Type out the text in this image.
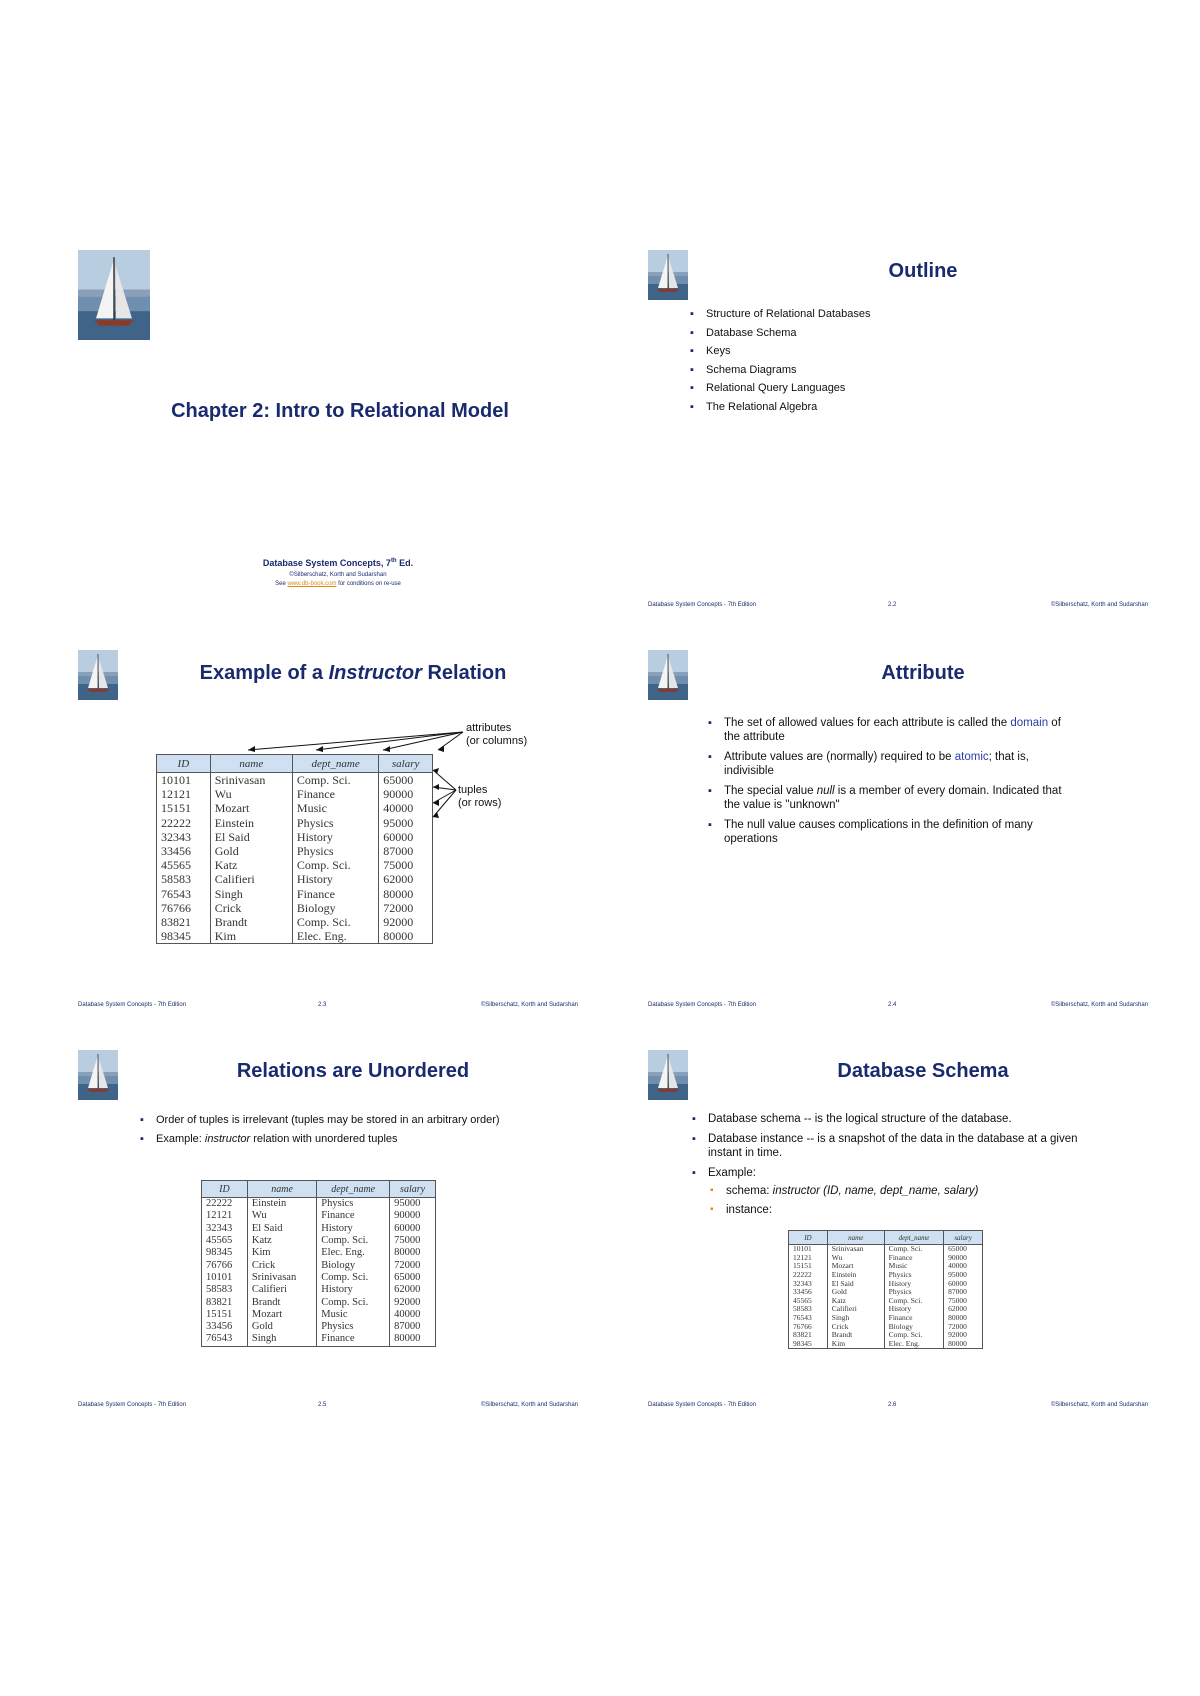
Chapter 2: Intro to Relational Model
Database System Concepts, 7th Ed.
©Silberschatz, Korth and Sudarshan
See www.db-book.com for conditions on re-use
Outline
▪ Structure of Relational Databases
▪ Database Schema
▪ Keys
▪ Schema Diagrams
▪ Relational Query Languages
▪ The Relational Algebra
Database System Concepts - 7th Edition	2.2	©Silberschatz, Korth and Sudarshan
Example of a Instructor Relation
ID	name	dept_name	salary
10101	Srinivasan	Comp. Sci.	65000
12121	Wu	Finance	90000
15151	Mozart	Music	40000
22222	Einstein	Physics	95000
32343	El Said	History	60000
33456	Gold	Physics	87000
45565	Katz	Comp. Sci.	75000
58583	Califieri	History	62000
76543	Singh	Finance	80000
76766	Crick	Biology	72000
83821	Brandt	Comp. Sci.	92000
98345	Kim	Elec. Eng.	80000
attributes
(or columns)
tuples
(or rows)
Database System Concepts - 7th Edition	2.3	©Silberschatz, Korth and Sudarshan
Attribute
▪ The set of allowed values for each attribute is called the domain of the attribute
▪ Attribute values are (normally) required to be atomic; that is, indivisible
▪ The special value null is a member of every domain. Indicated that the value is "unknown"
▪ The null value causes complications in the definition of many operations
Database System Concepts - 7th Edition	2.4	©Silberschatz, Korth and Sudarshan
Relations are Unordered
▪ Order of tuples is irrelevant (tuples may be stored in an arbitrary order)
▪ Example: instructor relation with unordered tuples
ID	name	dept_name	salary
22222	Einstein	Physics	95000
12121	Wu	Finance	90000
32343	El Said	History	60000
45565	Katz	Comp. Sci.	75000
98345	Kim	Elec. Eng.	80000
76766	Crick	Biology	72000
10101	Srinivasan	Comp. Sci.	65000
58583	Califieri	History	62000
83821	Brandt	Comp. Sci.	92000
15151	Mozart	Music	40000
33456	Gold	Physics	87000
76543	Singh	Finance	80000
Database System Concepts - 7th Edition	2.5	©Silberschatz, Korth and Sudarshan
Database Schema
▪ Database schema -- is the logical structure of the database.
▪ Database instance -- is a snapshot of the data in the database at a given instant in time.
▪ Example:
▪ schema: instructor (ID, name, dept_name, salary)
▪ instance:
ID	name	dept_name	salary
10101	Srinivasan	Comp. Sci.	65000
12121	Wu	Finance	90000
15151	Mozart	Music	40000
22222	Einstein	Physics	95000
32343	El Said	History	60000
33456	Gold	Physics	87000
45565	Katz	Comp. Sci.	75000
58583	Califieri	History	62000
76543	Singh	Finance	80000
76766	Crick	Biology	72000
83821	Brandt	Comp. Sci.	92000
98345	Kim	Elec. Eng.	80000
Database System Concepts - 7th Edition	2.6	©Silberschatz, Korth and Sudarshan
